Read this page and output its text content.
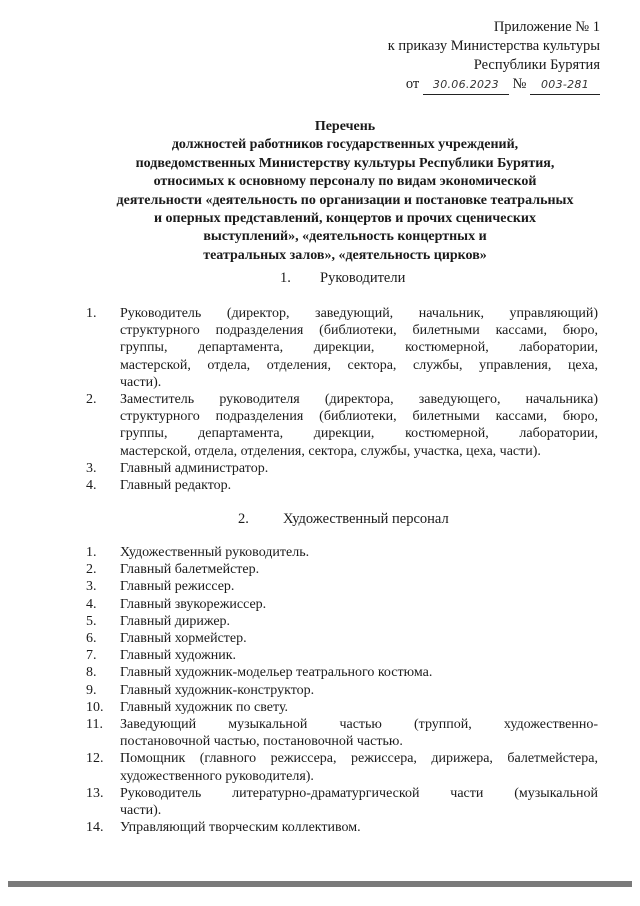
Приложение № 1
к приказу Министерства культуры
Республики Бурятия
от 30.06.2023 № 003-281
Перечень
должностей работников государственных учреждений,
подведомственных Министерству культуры Республики Бурятия,
относимых к основному персоналу по видам экономической
деятельности «деятельность по организации и постановке театральных
и оперных представлений, концертов и прочих сценических
выступлений», «деятельность концертных и
театральных залов», «деятельность цирков»
1. Руководители
1. Руководитель (директор, заведующий, начальник, управляющий)
структурного подразделения (библиотеки, билетными кассами, бюро,
группы, департамента, дирекции, костюмерной, лаборатории,
мастерской, отдела, отделения, сектора, службы, управления, цеха,
части).
2. Заместитель руководителя (директора, заведующего, начальника)
структурного подразделения (библиотеки, билетными кассами, бюро,
группы, департамента, дирекции, костюмерной, лаборатории,
мастерской, отдела, отделения, сектора, службы, участка, цеха, части).
3. Главный администратор.
4. Главный редактор.
2. Художественный персонал
1. Художественный руководитель.
2. Главный балетмейстер.
3. Главный режиссер.
4. Главный звукорежиссер.
5. Главный дирижер.
6. Главный хормейстер.
7. Главный художник.
8. Главный художник-модельер театрального костюма.
9. Главный художник-конструктор.
10. Главный художник по свету.
11. Заведующий музыкальной частью (труппой, художественно-
постановочной частью, постановочной частью.
12. Помощник (главного режиссера, режиссера, дирижера, балетмейстера,
художественного руководителя).
13. Руководитель литературно-драматургической части (музыкальной
части).
14. Управляющий творческим коллективом.
